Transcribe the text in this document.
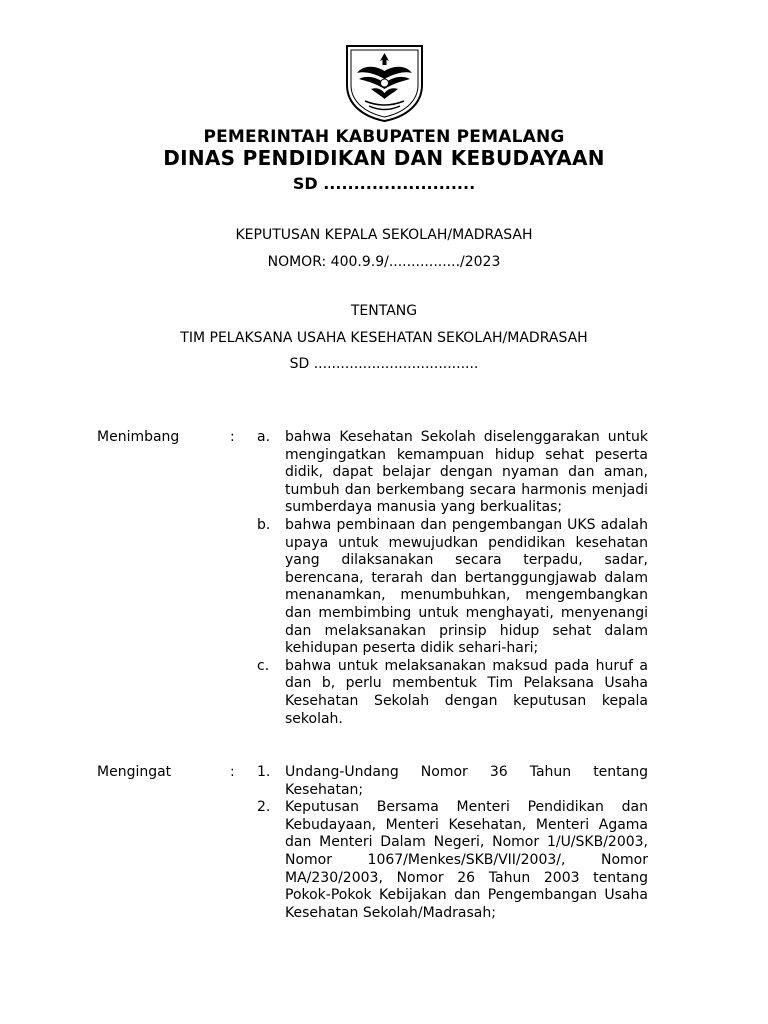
PEMERINTAH KABUPATEN PEMALANG
DINAS PENDIDIKAN DAN KEBUDAYAAN
SD .........................
KEPUTUSAN KEPALA SEKOLAH/MADRASAH
NOMOR: 400.9.9/................/2023
TENTANG
TIM PELAKSANA USAHA KESEHATAN SEKOLAH/MADRASAH
SD .....................................
Menimbang	: a. bahwa Kesehatan Sekolah diselenggarakan untuk mengingatkan kemampuan hidup sehat peserta didik, dapat belajar dengan nyaman dan aman, tumbuh dan berkembang secara harmonis menjadi sumberdaya manusia yang berkualitas;
b. bahwa pembinaan dan pengembangan UKS adalah upaya untuk mewujudkan pendidikan kesehatan yang dilaksanakan secara terpadu, sadar, berencana, terarah dan bertanggungjawab dalam menanamkan, menumbuhkan, mengembangkan dan membimbing untuk menghayati, menyenangi dan melaksanakan prinsip hidup sehat dalam kehidupan peserta didik sehari-hari;
c. bahwa untuk melaksanakan maksud pada huruf a dan b, perlu membentuk Tim Pelaksana Usaha Kesehatan Sekolah dengan keputusan kepala sekolah.
Mengingat	: 1. Undang-Undang Nomor 36 Tahun tentang Kesehatan;
2. Keputusan Bersama Menteri Pendidikan dan Kebudayaan, Menteri Kesehatan, Menteri Agama dan Menteri Dalam Negeri, Nomor 1/U/SKB/2003, Nomor 1067/Menkes/SKB/VII/2003/, Nomor MA/230/2003, Nomor 26 Tahun 2003 tentang Pokok-Pokok Kebijakan dan Pengembangan Usaha Kesehatan Sekolah/Madrasah;
